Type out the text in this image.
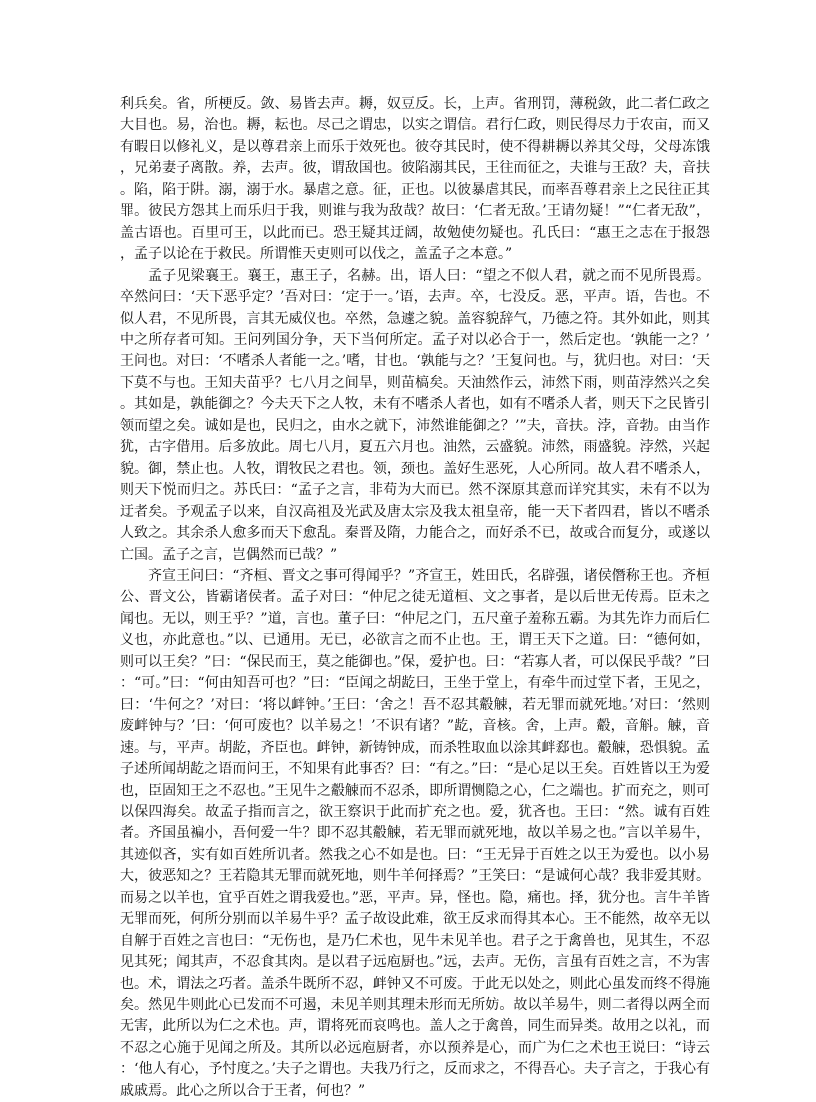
利兵矣。省，所梗反。敛、易皆去声。耨，奴豆反。长，上声。省刑罚，薄税敛，此二者仁政之大目也。易，治也。耨，耘也。尽己之谓忠，以实之谓信。君行仁政，则民得尽力于农亩，而又有暇日以修礼义，是以尊君亲上而乐于效死也。彼夺其民时，使不得耕耨以养其父母，父母冻饿，兄弟妻子离散。养，去声。彼，谓敌国也。彼陷溺其民，王往而征之，夫谁与王敌？夫，音扶。陷，陷于阱。溺，溺于水。暴虐之意。征，正也。以彼暴虐其民，而率吾尊君亲上之民往正其罪。彼民方怨其上而乐归于我，则谁与我为敌哉？故曰：‘仁者无敌。’王请勿疑！”“仁者无敌”，盖古语也。百里可王，以此而已。恐王疑其迂阔，故勉使勿疑也。孔氏曰：“惠王之志在于报怨，孟子以论在于救民。所谓惟天吏则可以伐之，盖孟子之本意。”

孟子见梁襄王。襄王，惠王子，名赫。出，语人曰：“望之不似人君，就之而不见所畏焉。卒然问曰：‘天下恶乎定？’吾对曰：‘定于一。’语，去声。卒，七没反。恶，平声。语，告也。不似人君，不见所畏，言其无威仪也。卒然，急遽之貌。盖容貌辞气，乃德之符。其外如此，则其中之所存者可知。王问列国分争，天下当何所定。孟子对以必合于一，然后定也。‘孰能一之？’王问也。对曰：‘不嗜杀人者能一之。’嗜，甘也。‘孰能与之？’王复问也。与，犹归也。对曰：‘天下莫不与也。王知夫苗乎？七八月之间旱，则苗槁矣。天油然作云，沛然下雨，则苗浡然兴之矣。其如是，孰能御之？今夫天下之人牧，未有不嗜杀人者也，如有不嗜杀人者，则天下之民皆引领而望之矣。诚如是也，民归之，由水之就下，沛然谁能御之？’”夫，音扶。浡，音勃。由当作犹，古字借用。后多放此。周七八月，夏五六月也。油然，云盛貌。沛然，雨盛貌。浡然，兴起貌。御，禁止也。人牧，谓牧民之君也。领，颈也。盖好生恶死，人心所同。故人君不嗜杀人，则天下悦而归之。苏氏曰：“孟子之言，非苟为大而已。然不深原其意而详究其实，未有不以为迂者矣。予观孟子以来，自汉高祖及光武及唐太宗及我太祖皇帝，能一天下者四君，皆以不嗜杀人致之。其余杀人愈多而天下愈乱。秦晋及隋，力能合之，而好杀不已，故或合而复分，或遂以亡国。孟子之言，岂偶然而已哉？”

齐宣王问曰：“齐桓、晋文之事可得闻乎？”齐宣王，姓田氏，名辟强，诸侯僭称王也。齐桓公、晋文公，皆霸诸侯者。孟子对曰：“仲尼之徒无道桓、文之事者，是以后世无传焉。臣未之闻也。无以，则王乎？”道，言也。董子曰：“仲尼之门，五尺童子羞称五霸。为其先诈力而后仁义也，亦此意也。”以、已通用。无已，必欲言之而不止也。王，谓王天下之道。曰：“德何如，则可以王矣？”曰：“保民而王，莫之能御也。”保，爱护也。曰：“若寡人者，可以保民乎哉？”曰：“可。”曰：“何由知吾可也？”曰：“臣闻之胡龁曰，王坐于堂上，有牵牛而过堂下者，王见之，曰：‘牛何之？’对曰：‘将以衅钟。’王曰：‘舍之！吾不忍其觳觫，若无罪而就死地。’对曰：‘然则废衅钟与？’曰：‘何可废也？以羊易之！’不识有诸？”龁，音核。舍，上声。觳，音斛。觫，音速。与，平声。胡龁，齐臣也。衅钟，新铸钟成，而杀牲取血以涂其衅郄也。觳觫，恐惧貌。孟子述所闻胡龁之语而问王，不知果有此事否？曰：“有之。”曰：“是心足以王矣。百姓皆以王为爱也，臣固知王之不忍也。”王见牛之觳觫而不忍杀，即所谓恻隐之心，仁之端也。扩而充之，则可以保四海矣。故孟子指而言之，欲王察识于此而扩充之也。爱，犹吝也。王曰：“然。诚有百姓者。齐国虽褊小，吾何爱一牛？即不忍其觳觫，若无罪而就死地，故以羊易之也。”言以羊易牛，其迹似吝，实有如百姓所讥者。然我之心不如是也。曰：“王无异于百姓之以王为爱也。以小易大，彼恶知之？王若隐其无罪而就死地，则牛羊何择焉？”王笑曰：“是诚何心哉？我非爱其财。而易之以羊也，宜乎百姓之谓我爱也。”恶，平声。异，怪也。隐，痛也。择，犹分也。言牛羊皆无罪而死，何所分别而以羊易牛乎？孟子故设此难，欲王反求而得其本心。王不能然，故卒无以自解于百姓之言也曰：“无伤也，是乃仁术也，见牛未见羊也。君子之于禽兽也，见其生，不忍见其死；闻其声，不忍食其肉。是以君子远庖厨也。”远，去声。无伤，言虽有百姓之言，不为害也。术，谓法之巧者。盖杀牛既所不忍，衅钟又不可废。于此无以处之，则此心虽发而终不得施矣。然见牛则此心已发而不可遏，未见羊则其理未形而无所妨。故以羊易牛，则二者得以两全而无害，此所以为仁之术也。声，谓将死而哀鸣也。盖人之于禽兽，同生而异类。故用之以礼，而不忍之心施于见闻之所及。其所以必远庖厨者，亦以预养是心，而广为仁之术也王说曰：“诗云：‘他人有心，予忖度之。’夫子之谓也。夫我乃行之，反而求之，不得吾心。夫子言之，于我心有戚戚焉。此心之所以合于王者，何也？”
